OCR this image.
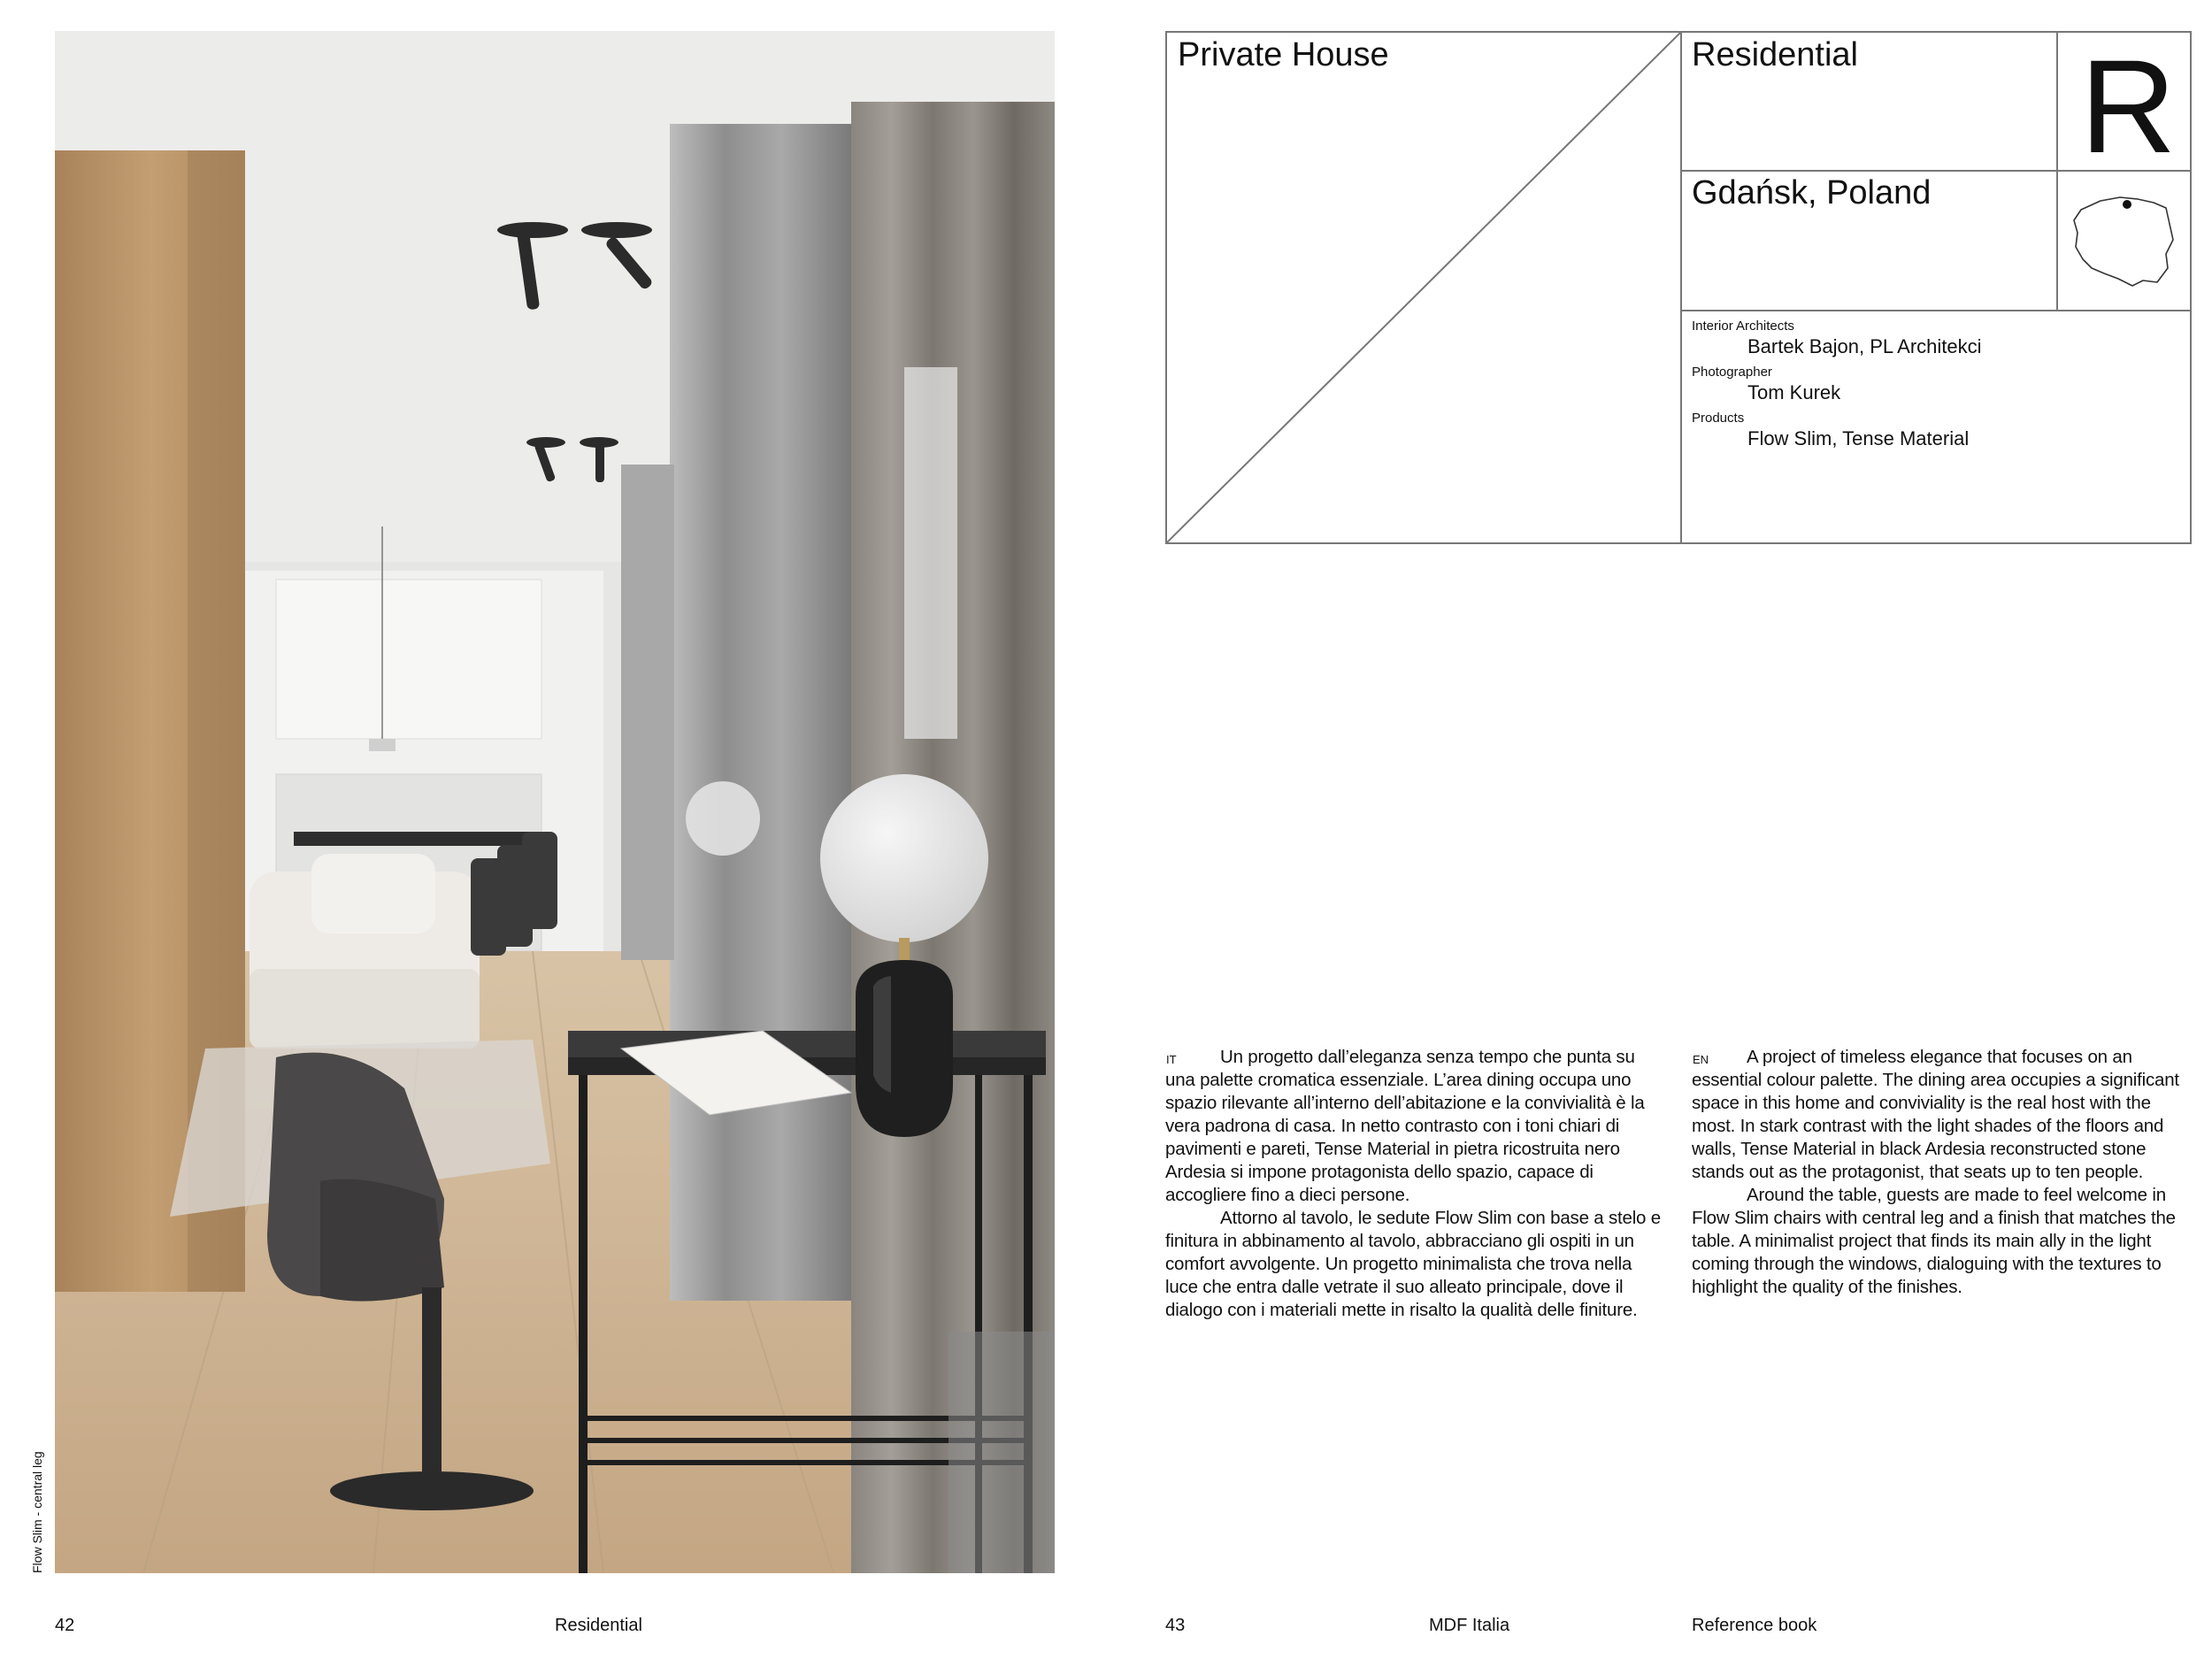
Flow Slim - central leg
Private House	Residential
Gdańsk, Poland
R
Interior Architects
Bartek Bajon, PL Architekci
Photographer
Tom Kurek
Products
Flow Slim, Tense Material
IT	Un progetto dall’eleganza senza tempo che punta su una palette cromatica essenziale. L’area dining occupa uno spazio rilevante all’interno dell’abitazione e la convivialità è la vera padrona di casa. In netto contrasto con i toni chiari di pavimenti e pareti, Tense Material in pietra ricostruita nero Ardesia si impone protagonista dello spazio, capace di accogliere fino a dieci persone.

Attorno al tavolo, le sedute Flow Slim con base a stelo e finitura in abbinamento al tavolo, abbracciano gli ospiti in un comfort avvolgente. Un progetto minimalista che trova nella luce che entra dalle vetrate il suo alleato principale, dove il dialogo con i materiali mette in risalto la qualità delle finiture.

EN	A project of timeless elegance that focuses on an essential colour palette. The dining area occupies a significant space in this home and conviviality is the real host with the most. In stark contrast with the light shades of the floors and walls, Tense Material in black Ardesia reconstructed stone stands out as the protagonist, that seats up to ten people.

Around the table, guests are made to feel welcome in Flow Slim chairs with central leg and a finish that matches the table. A minimalist project that finds its main ally in the light coming through the windows, dialoguing with the textures to highlight the quality of the finishes.

42	Residential	43	MDF Italia	Reference book
